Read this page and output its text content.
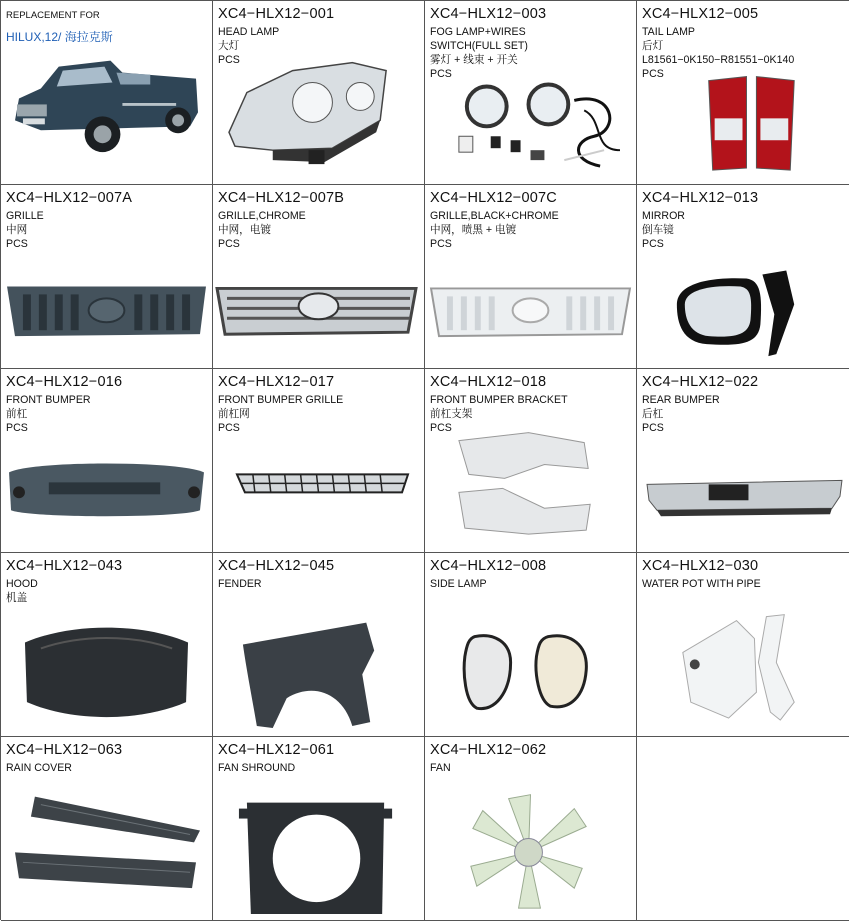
REPLACEMENT FOR
HILUX,12/ 海拉克斯
XC4−HLX12−001
HEAD LAMP
大灯
PCS
XC4−HLX12−003
FOG LAMP+WIRES
SWITCH(FULL SET)
雾灯 + 线束 + 开关
PCS
XC4−HLX12−005
TAIL LAMP
后灯
L81561−0K150−R81551−0K140
PCS
XC4−HLX12−007A
GRILLE
中网
PCS
XC4−HLX12−007B
GRILLE,CHROME
中网，电镀
PCS
XC4−HLX12−007C
GRILLE,BLACK+CHROME
中网，喷黑 + 电镀
PCS
XC4−HLX12−013
MIRROR
倒车镜
PCS
XC4−HLX12−016
FRONT BUMPER
前杠
PCS
XC4−HLX12−017
FRONT BUMPER GRILLE
前杠网
PCS
XC4−HLX12−018
FRONT BUMPER BRACKET
前杠支架
PCS
XC4−HLX12−022
REAR BUMPER
后杠
PCS
XC4−HLX12−043
HOOD
机盖
XC4−HLX12−045
FENDER
XC4−HLX12−008
SIDE LAMP
XC4−HLX12−030
WATER POT WITH PIPE
XC4−HLX12−063
RAIN COVER
XC4−HLX12−061
FAN SHROUND
XC4−HLX12−062
FAN
